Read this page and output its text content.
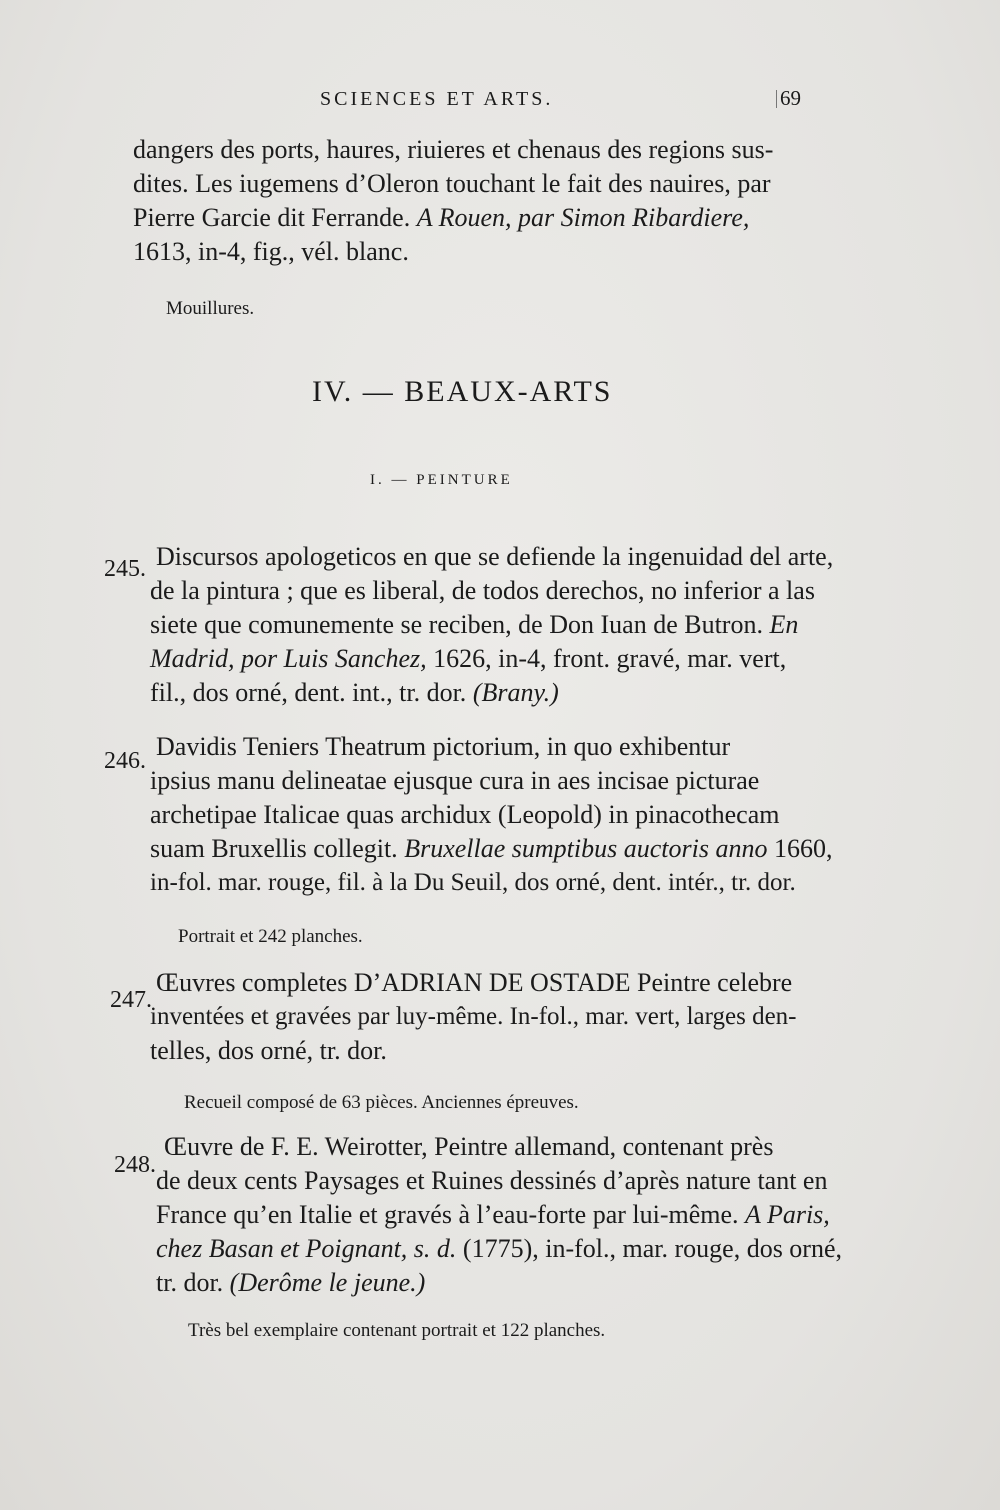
SCIENCES ET ARTS.	69
dangers des ports, haures, riuieres et chenaus des regions sus-
dites. Les iugemens d’Oleron touchant le fait des nauires, par
Pierre Garcie dit Ferrande. A Rouen, par Simon Ribardiere,
1613, in-4, fig., vél. blanc.
Mouillures.
IV. — BEAUX-ARTS
I. — PEINTURE
245. Discursos apologeticos en que se defiende la ingenuidad del arte,
de la pintura ; que es liberal, de todos derechos, no inferior a las
siete que comunemente se reciben, de Don Iuan de Butron. En
Madrid, por Luis Sanchez, 1626, in-4, front. gravé, mar. vert,
fil., dos orné, dent. int., tr. dor. (Brany.)
246. Davidis Teniers Theatrum pictorium, in quo exhibentur
ipsius manu delineatae ejusque cura in aes incisae picturae
archetipae Italicae quas archidux (Leopold) in pinacothecam
suam Bruxellis collegit. Bruxellae sumptibus auctoris anno 1660,
in-fol. mar. rouge, fil. à la Du Seuil, dos orné, dent. intér., tr. dor.
Portrait et 242 planches.
247.
Œuvres completes D’ADRIAN DE OSTADE Peintre celebre
inventées et gravées par luy-même. In-fol., mar. vert, larges den-
telles, dos orné, tr. dor.
Recueil composé de 63 pièces. Anciennes épreuves.
248.
Œuvre de F. E. Weirotter, Peintre allemand, contenant près
de deux cents Paysages et Ruines dessinés d’après nature tant en
France qu’en Italie et gravés à l’eau-forte par lui-même. A Paris,
chez Basan et Poignant, s. d. (1775), in-fol., mar. rouge, dos orné,
tr. dor. (Derôme le jeune.)
Très bel exemplaire contenant portrait et 122 planches.
